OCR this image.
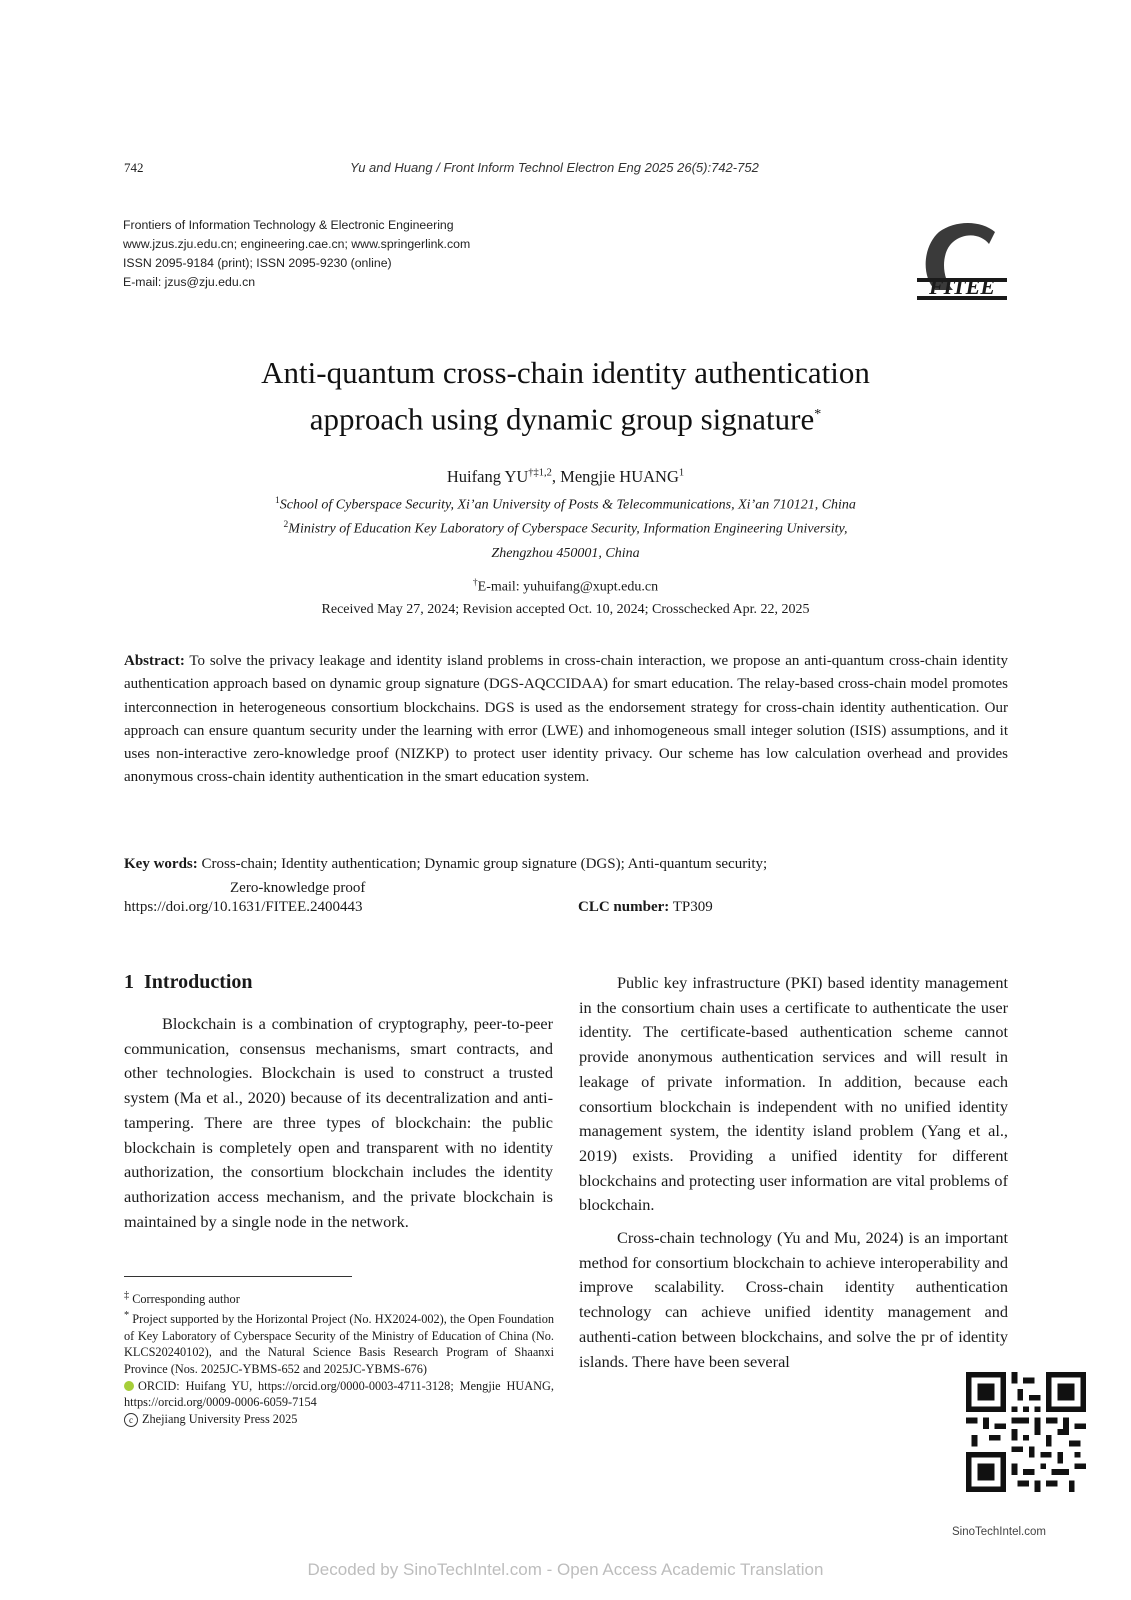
742	Yu and Huang / Front Inform Technol Electron Eng 2025 26(5):742-752
Frontiers of Information Technology & Electronic Engineering
www.jzus.zju.edu.cn; engineering.cae.cn; www.springerlink.com
ISSN 2095-9184 (print); ISSN 2095-9230 (online)
E-mail: jzus@zju.edu.cn	FITEE
Anti-quantum cross-chain identity authentication
approach using dynamic group signature*
Huifang YU$^{\dagger\ddagger 1,2}$, Mengjie HUANG$^1$
$^1$School of Cyberspace Security, Xi’an University of Posts & Telecommunications, Xi’an 710121, China
$^2$Ministry of Education Key Laboratory of Cyberspace Security, Information Engineering University,
Zhengzhou 450001, China
†E-mail: yuhuifang@xupt.edu.cn
Received May 27, 2024; Revision accepted Oct. 10, 2024; Crosschecked Apr. 22, 2025
Abstract: To solve the privacy leakage and identity island problems in cross-chain interaction, we propose an anti-quantum cross-chain identity authentication approach based on dynamic group signature (DGS-AQCCIDAA) for smart education. The relay-based cross-chain model promotes interconnection in heterogeneous consortium blockchains. DGS is used as the endorsement strategy for cross-chain identity authentication. Our approach can ensure quantum security under the learning with error (LWE) and inhomogeneous small integer solution (ISIS) assumptions, and it uses non-interactive zero-knowledge proof (NIZKP) to protect user identity privacy. Our scheme has low calculation overhead and provides anonymous cross-chain identity authentication in the smart education system.
Key words: Cross-chain; Identity authentication; Dynamic group signature (DGS); Anti-quantum security;
Zero-knowledge proof
https://doi.org/10.1631/FITEE.2400443	CLC number: TP309
1 Introduction

Blockchain is a combination of cryptography, peer-to-peer communication, consensus mechanisms, smart contracts, and other technologies. Blockchain is used to construct a trusted system (Ma et al., 2020) because of its decentralization and anti-tampering. There are three types of blockchain: the public blockchain is completely open and transparent with no identity authorization, the consortium blockchain includes the identity authorization access mechanism, and the private blockchain is maintained by a single node in the network.

Public key infrastructure (PKI) based identity management in the consortium chain uses a certificate to authenticate the user identity. The certificate-based authentication scheme cannot provide anonymous authentication services and will result in leakage of private information. In addition, because each consortium blockchain is independent with no unified identity management system, the identity island problem (Yang et al., 2019) exists. Providing a unified identity for different blockchains and protecting user information are vital problems of blockchain.

Cross-chain technology (Yu and Mu, 2024) is an important method for consortium blockchain to achieve interoperability and improve scalability. Cross-chain identity authentication technology can achieve unified identity management and authenti-cation between blockchains, and solve the pr of identity islands. There have been several

‡ Corresponding author
* Project supported by the Horizontal Project (No. HX2024-002), the Open Foundation of Key Laboratory of Cyberspace Security of the Ministry of Education of China (No. KLCS20240102), and the Natural Science Basis Research Program of Shaanxi Province (Nos. 2025JC-YBMS-652 and 2025JC-YBMS-676)
ORCID: Huifang YU, https://orcid.org/0000-0003-4711-3128; Mengjie HUANG, https://orcid.org/0009-0006-6059-7154
c Zhejiang University Press 2025
SinoTechIntel.com
Decoded by SinoTechIntel.com - Open Access Academic Translation
